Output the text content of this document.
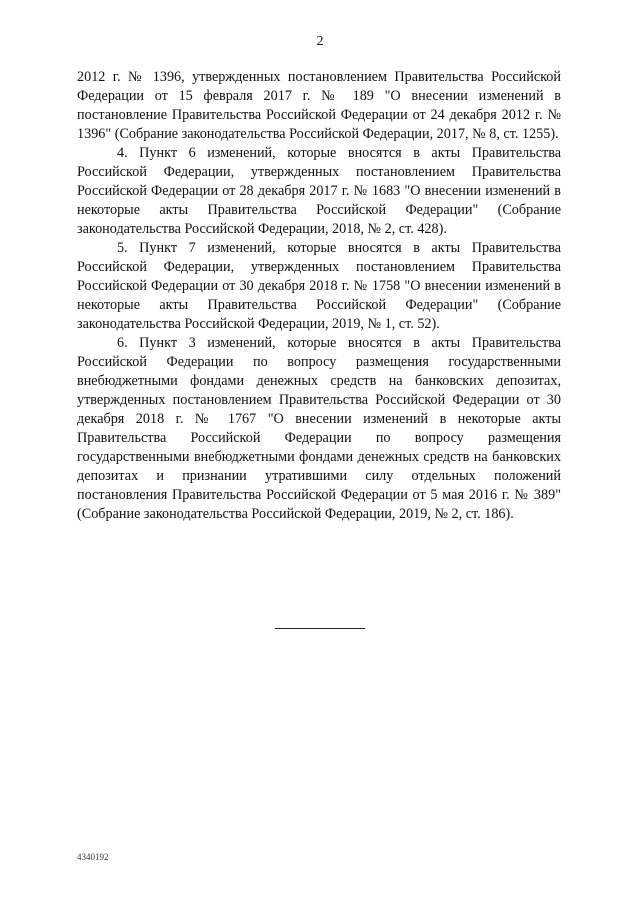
2

2012 г. № 1396, утвержденных постановлением Правительства Российской Федерации от 15 февраля 2017 г. № 189 "О внесении изменений в постановление Правительства Российской Федерации от 24 декабря 2012 г. № 1396" (Собрание законодательства Российской Федерации, 2017, № 8, ст. 1255).

4. Пункт 6 изменений, которые вносятся в акты Правительства Российской Федерации, утвержденных постановлением Правительства Российской Федерации от 28 декабря 2017 г. № 1683 "О внесении изменений в некоторые акты Правительства Российской Федерации" (Собрание законодательства Российской Федерации, 2018, № 2, ст. 428).

5. Пункт 7 изменений, которые вносятся в акты Правительства Российской Федерации, утвержденных постановлением Правительства Российской Федерации от 30 декабря 2018 г. № 1758 "О внесении изменений в некоторые акты Правительства Российской Федерации" (Собрание законодательства Российской Федерации, 2019, № 1, ст. 52).

6. Пункт 3 изменений, которые вносятся в акты Правительства Российской Федерации по вопросу размещения государственными внебюджетными фондами денежных средств на банковских депозитах, утвержденных постановлением Правительства Российской Федерации от 30 декабря 2018 г. № 1767 "О внесении изменений в некоторые акты Правительства Российской Федерации по вопросу размещения государственными внебюджетными фондами денежных средств на банковских депозитах и признании утратившими силу отдельных положений постановления Правительства Российской Федерации от 5 мая 2016 г. № 389" (Собрание законодательства Российской Федерации, 2019, № 2, ст. 186).

4340192
